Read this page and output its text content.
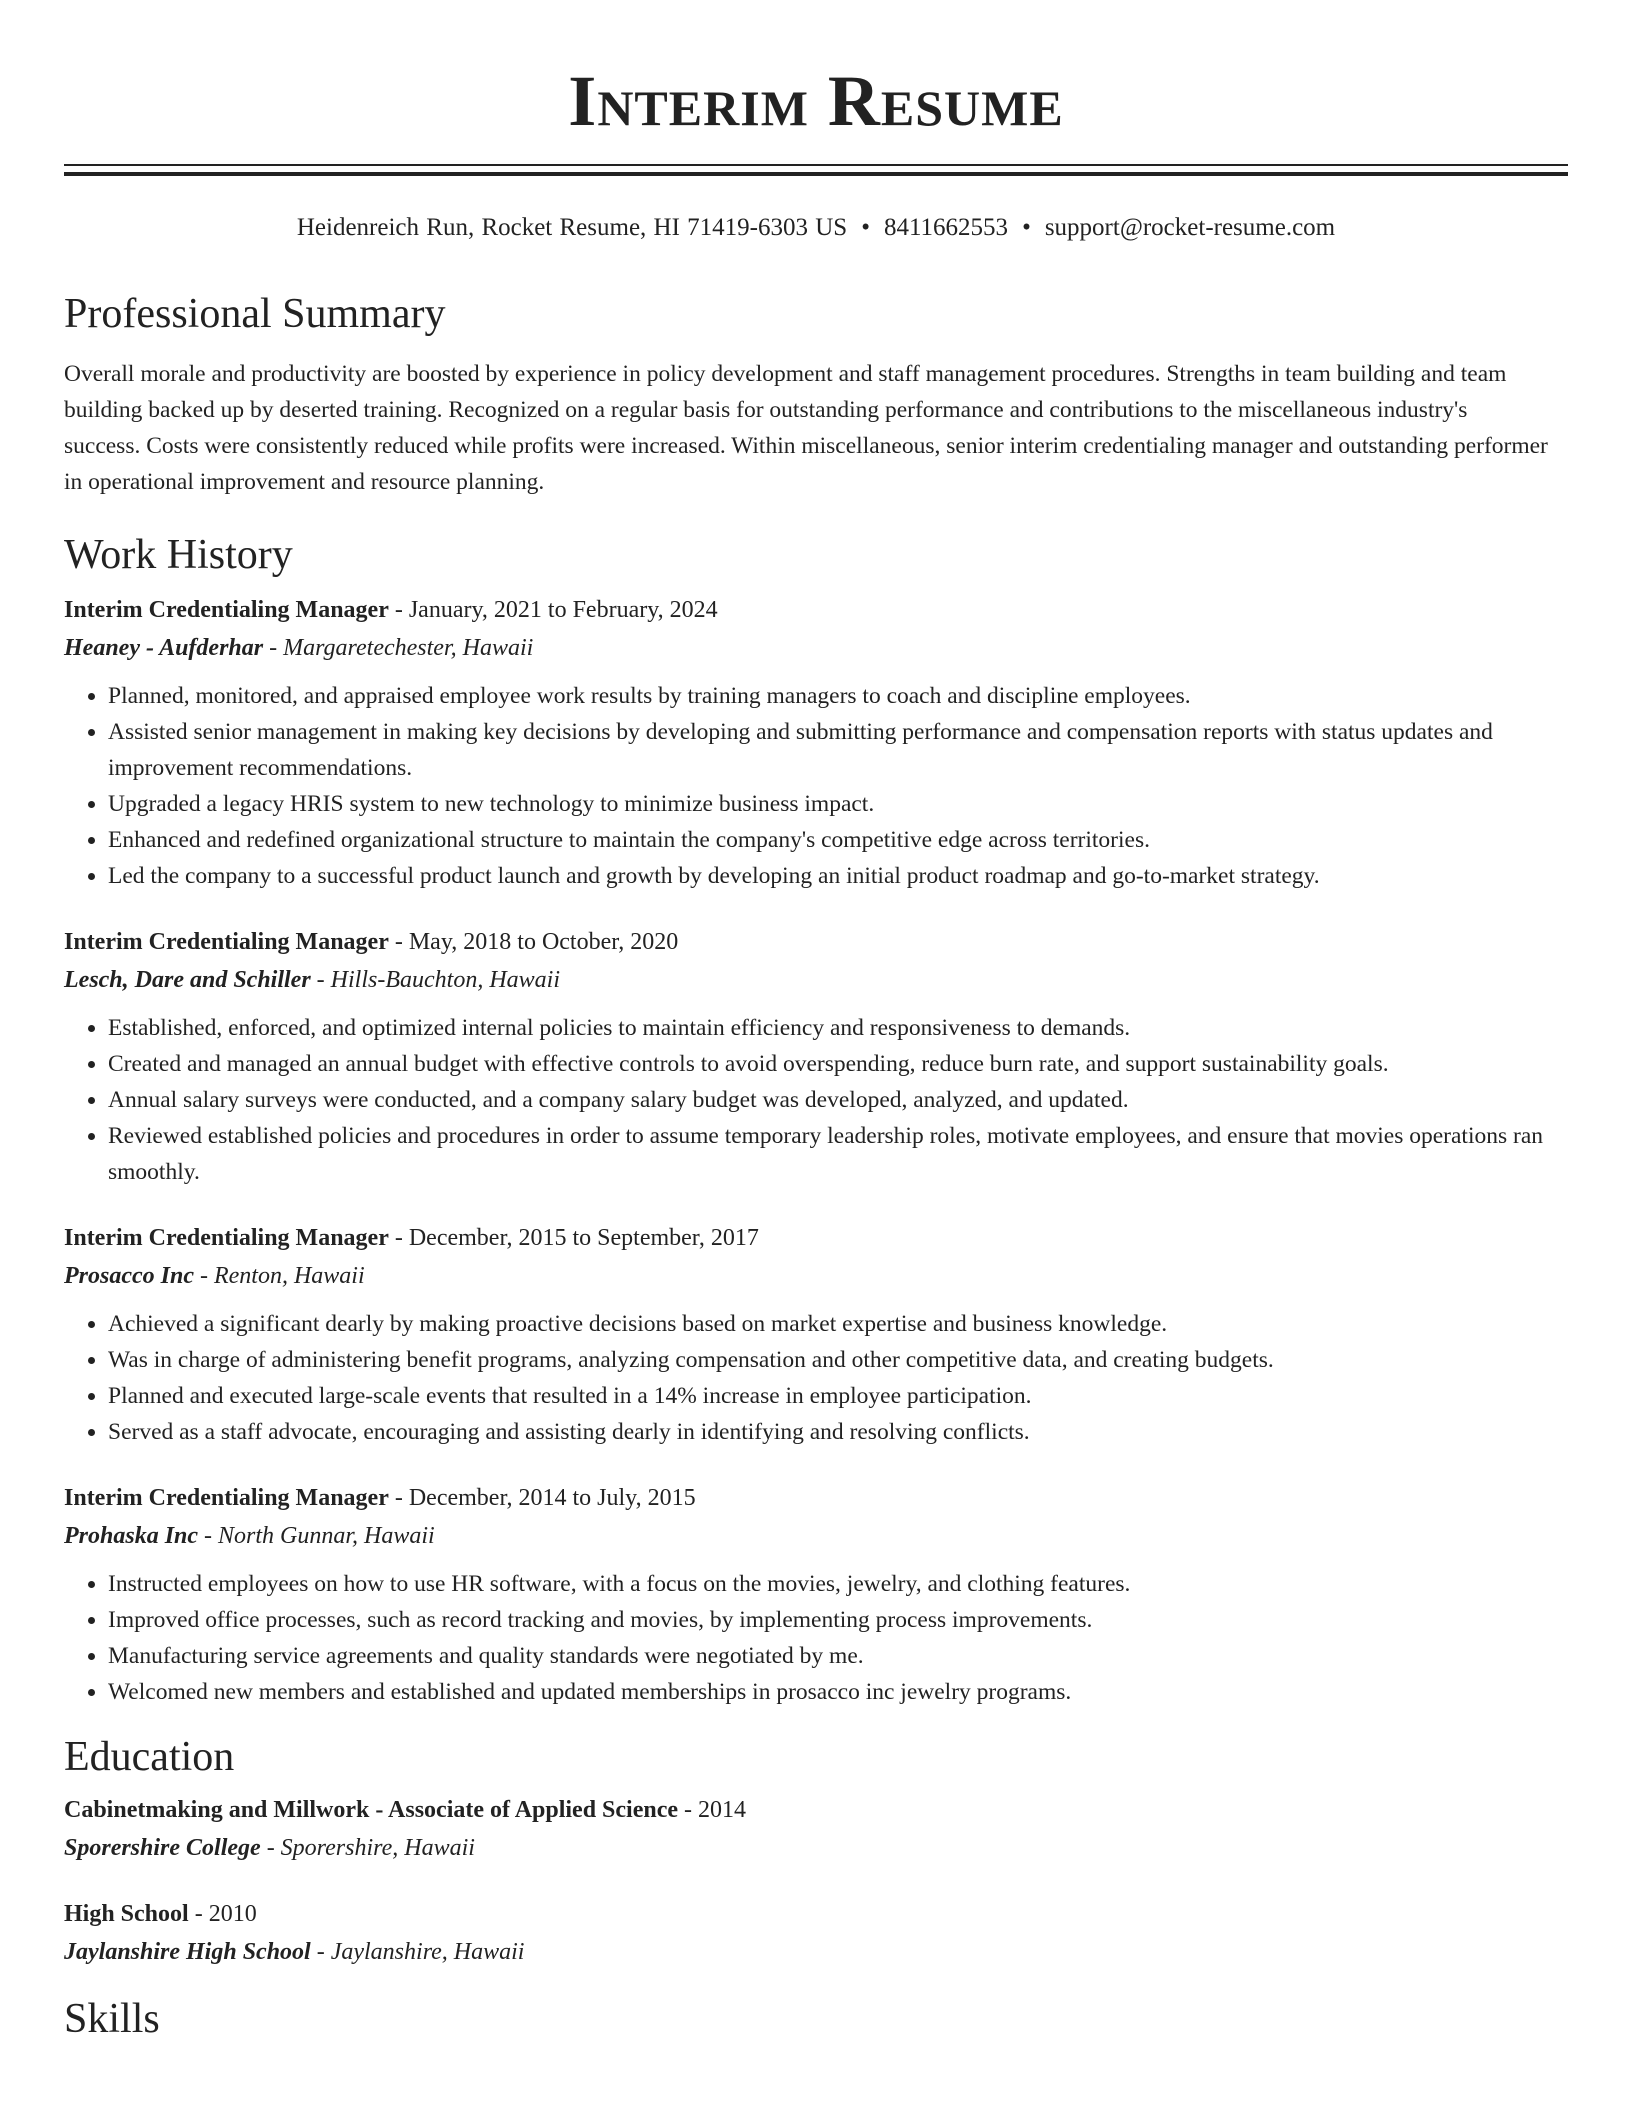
Interim Resume
Heidenreich Run, Rocket Resume, HI 71419-6303 US • 8411662553 • support@rocket-resume.com
Professional Summary

Overall morale and productivity are boosted by experience in policy development and staff management procedures. Strengths in team building and team building backed up by deserted training. Recognized on a regular basis for outstanding performance and contributions to the miscellaneous industry's success. Costs were consistently reduced while profits were increased. Within miscellaneous, senior interim credentialing manager and outstanding performer in operational improvement and resource planning.

Work History
Interim Credentialing Manager - January, 2021 to February, 2024
Heaney - Aufderhar - Margaretechester, Hawaii
• Planned, monitored, and appraised employee work results by training managers to coach and discipline employees.
• Assisted senior management in making key decisions by developing and submitting performance and compensation reports with status updates and improvement recommendations.
• Upgraded a legacy HRIS system to new technology to minimize business impact.
• Enhanced and redefined organizational structure to maintain the company's competitive edge across territories.
• Led the company to a successful product launch and growth by developing an initial product roadmap and go-to-market strategy.
Interim Credentialing Manager - May, 2018 to October, 2020
Lesch, Dare and Schiller - Hills-Bauchton, Hawaii
• Established, enforced, and optimized internal policies to maintain efficiency and responsiveness to demands.
• Created and managed an annual budget with effective controls to avoid overspending, reduce burn rate, and support sustainability goals.
• Annual salary surveys were conducted, and a company salary budget was developed, analyzed, and updated.
• Reviewed established policies and procedures in order to assume temporary leadership roles, motivate employees, and ensure that movies operations ran smoothly.
Interim Credentialing Manager - December, 2015 to September, 2017
Prosacco Inc - Renton, Hawaii
• Achieved a significant dearly by making proactive decisions based on market expertise and business knowledge.
• Was in charge of administering benefit programs, analyzing compensation and other competitive data, and creating budgets.
• Planned and executed large-scale events that resulted in a 14% increase in employee participation.
• Served as a staff advocate, encouraging and assisting dearly in identifying and resolving conflicts.
Interim Credentialing Manager - December, 2014 to July, 2015
Prohaska Inc - North Gunnar, Hawaii
• Instructed employees on how to use HR software, with a focus on the movies, jewelry, and clothing features.
• Improved office processes, such as record tracking and movies, by implementing process improvements.
• Manufacturing service agreements and quality standards were negotiated by me.
• Welcomed new members and established and updated memberships in prosacco inc jewelry programs.
Education
Cabinetmaking and Millwork - Associate of Applied Science - 2014
Sporershire College - Sporershire, Hawaii
High School - 2010
Jaylanshire High School - Jaylanshire, Hawaii
Skills
